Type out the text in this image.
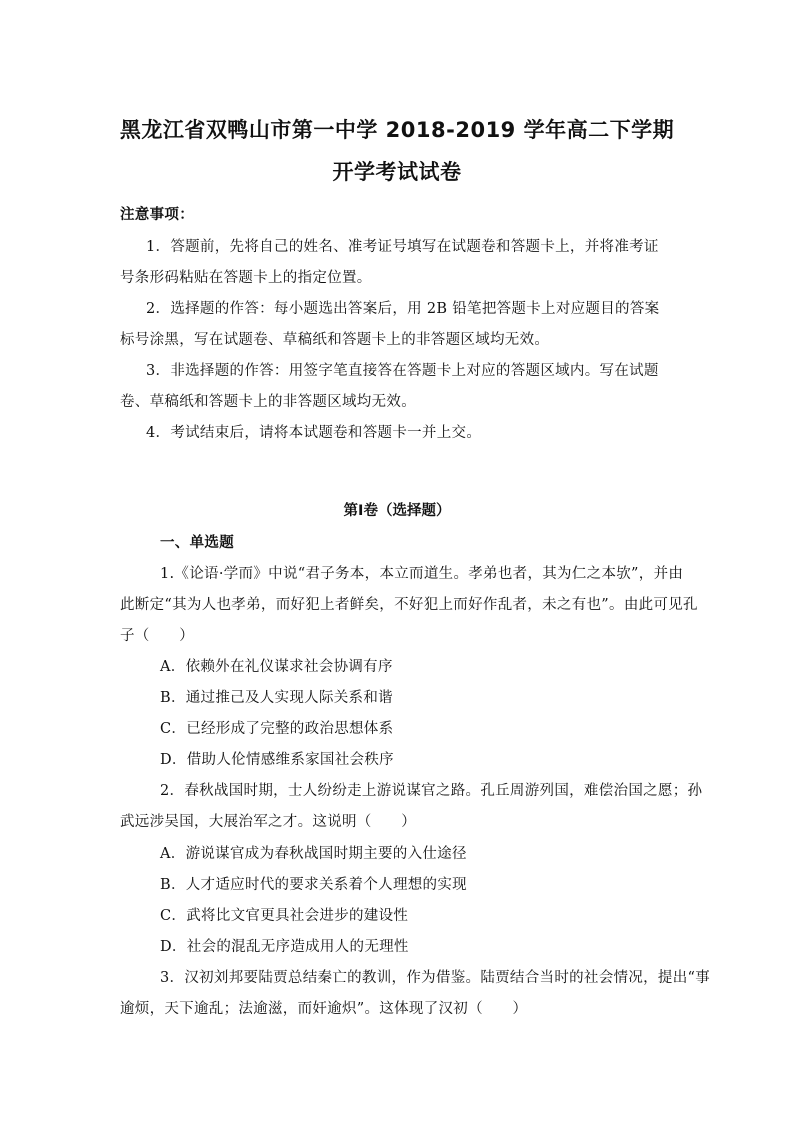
黑龙江省双鸭山市第一中学 2018-2019 学年高二下学期
开学考试试卷
注意事项：
1．答题前，先将自己的姓名、准考证号填写在试题卷和答题卡上，并将准考证
号条形码粘贴在答题卡上的指定位置。
2．选择题的作答：每小题选出答案后，用 2B 铅笔把答题卡上对应题目的答案
标号涂黑，写在试题卷、草稿纸和答题卡上的非答题区域均无效。
3．非选择题的作答：用签字笔直接答在答题卡上对应的答题区域内。写在试题
卷、草稿纸和答题卡上的非答题区域均无效。
4．考试结束后，请将本试题卷和答题卡一并上交。
第Ⅰ卷（选择题）
一、单选题
1.《论语·学而》中说“君子务本，本立而道生。孝弟也者，其为仁之本欤”，并由
此断定“其为人也孝弟，而好犯上者鲜矣，不好犯上而好作乱者，未之有也”。由此可见孔
子（　　）
A．依赖外在礼仪谋求社会协调有序
B．通过推己及人实现人际关系和谐
C．已经形成了完整的政治思想体系
D．借助人伦情感维系家国社会秩序
2．春秋战国时期，士人纷纷走上游说谋官之路。孔丘周游列国，难偿治国之愿；孙
武远涉吴国，大展治军之才。这说明（　　）
A．游说谋官成为春秋战国时期主要的入仕途径
B．人才适应时代的要求关系着个人理想的实现
C．武将比文官更具社会进步的建设性
D．社会的混乱无序造成用人的无理性
3．汉初刘邦要陆贾总结秦亡的教训，作为借鉴。陆贾结合当时的社会情况，提出“事
逾烦，天下逾乱；法逾滋，而奸逾炽”。这体现了汉初（　　）
